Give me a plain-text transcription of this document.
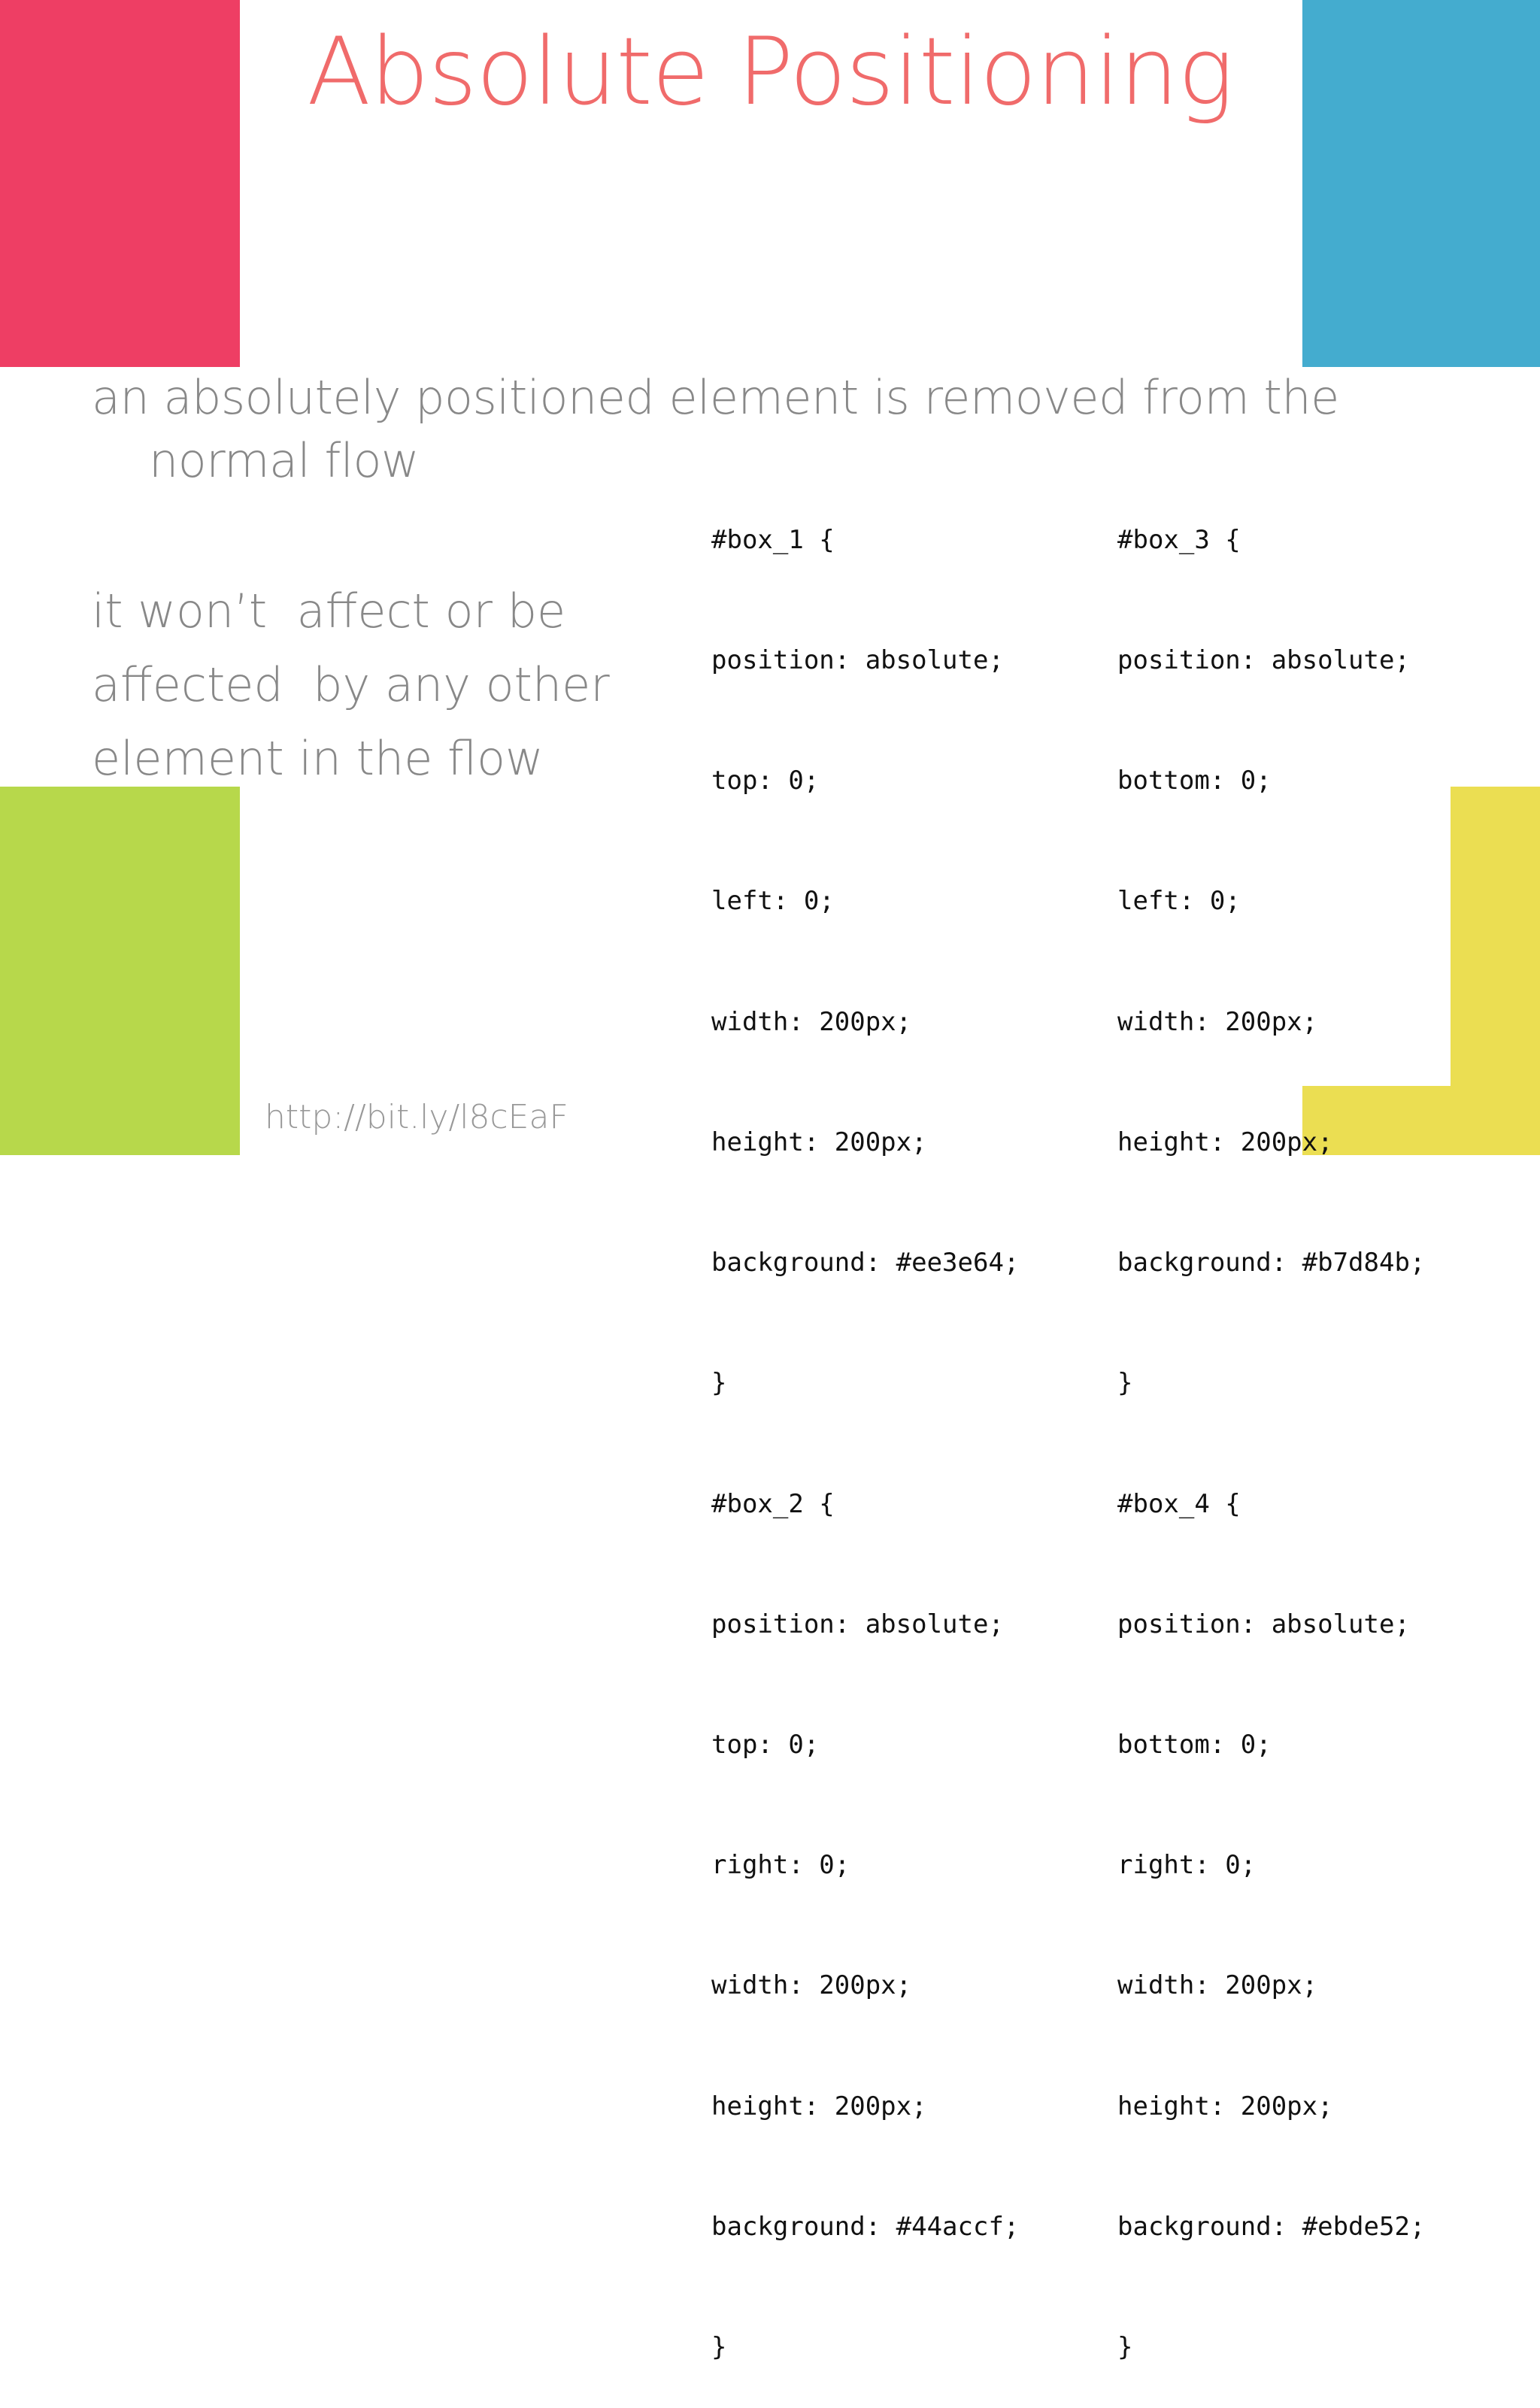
Absolute Positioning

an absolutely positioned element is removed from the

normal flow

it won’t  affect or be
affected  by any other
element in the flow

#box_1 {

position: absolute;

top: 0;

left: 0;

width: 200px;

height: 200px;

background: #ee3e64;

}

#box_2 {

position: absolute;

top: 0;

right: 0;

width: 200px;

height: 200px;

background: #44accf;

}

#box_3 {

position: absolute;

bottom: 0;

left: 0;

width: 200px;

height: 200px;

background: #b7d84b;

}

#box_4 {

position: absolute;

bottom: 0;

right: 0;

width: 200px;

height: 200px;

background: #ebde52;

}

http://bit.ly/l8cEaF
